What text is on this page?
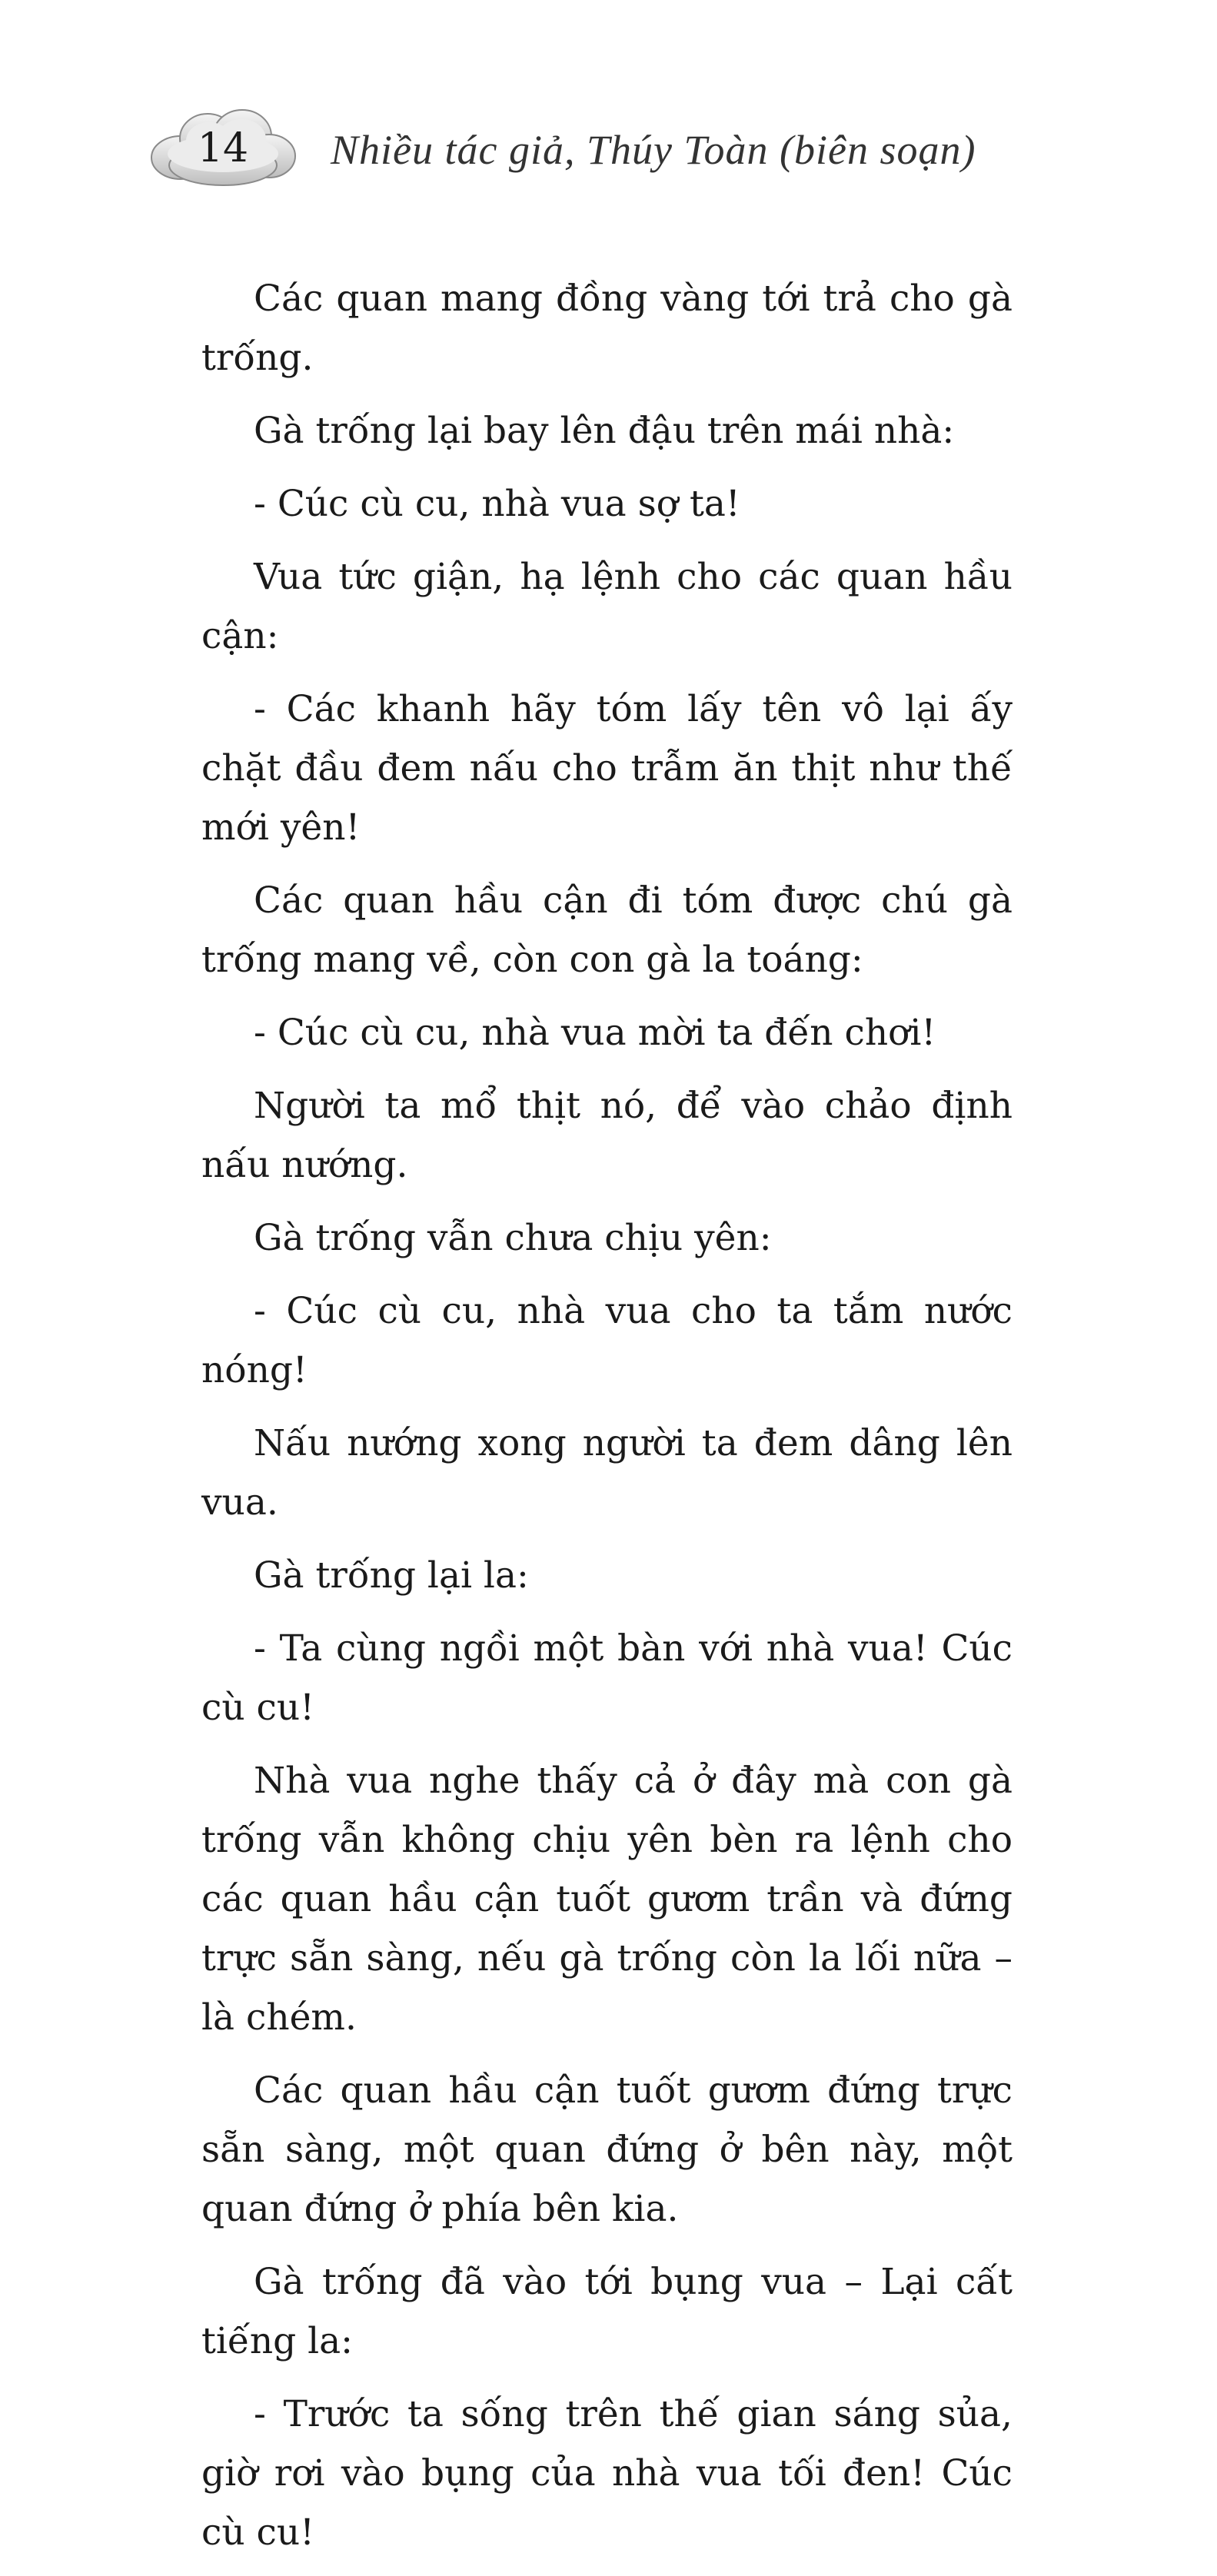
14	Nhiều tác giả, Thúy Toàn (biên soạn)

Các quan mang đồng vàng tới trả cho gà trống.

Gà trống lại bay lên đậu trên mái nhà:

- Cúc cù cu, nhà vua sợ ta!

Vua tức giận, hạ lệnh cho các quan hầu cận:

- Các khanh hãy tóm lấy tên vô lại ấy chặt đầu đem nấu cho trẫm ăn thịt như thế mới yên!

Các quan hầu cận đi tóm được chú gà trống mang về, còn con gà la toáng:

- Cúc cù cu, nhà vua mời ta đến chơi!

Người ta mổ thịt nó, để vào chảo định nấu nướng.

Gà trống vẫn chưa chịu yên:

- Cúc cù cu, nhà vua cho ta tắm nước nóng!

Nấu nướng xong người ta đem dâng lên vua.

Gà trống lại la:

- Ta cùng ngồi một bàn với nhà vua! Cúc cù cu!

Nhà vua nghe thấy cả ở đây mà con gà trống vẫn không chịu yên bèn ra lệnh cho các quan hầu cận tuốt gươm trần và đứng trực sẵn sàng, nếu gà trống còn la lối nữa – là chém.

Các quan hầu cận tuốt gươm đứng trực sẵn sàng, một quan đứng ở bên này, một quan đứng ở phía bên kia.

Gà trống đã vào tới bụng vua – Lại cất tiếng la:

- Trước ta sống trên thế gian sáng sủa, giờ rơi vào bụng của nhà vua tối đen! Cúc cù cu!
